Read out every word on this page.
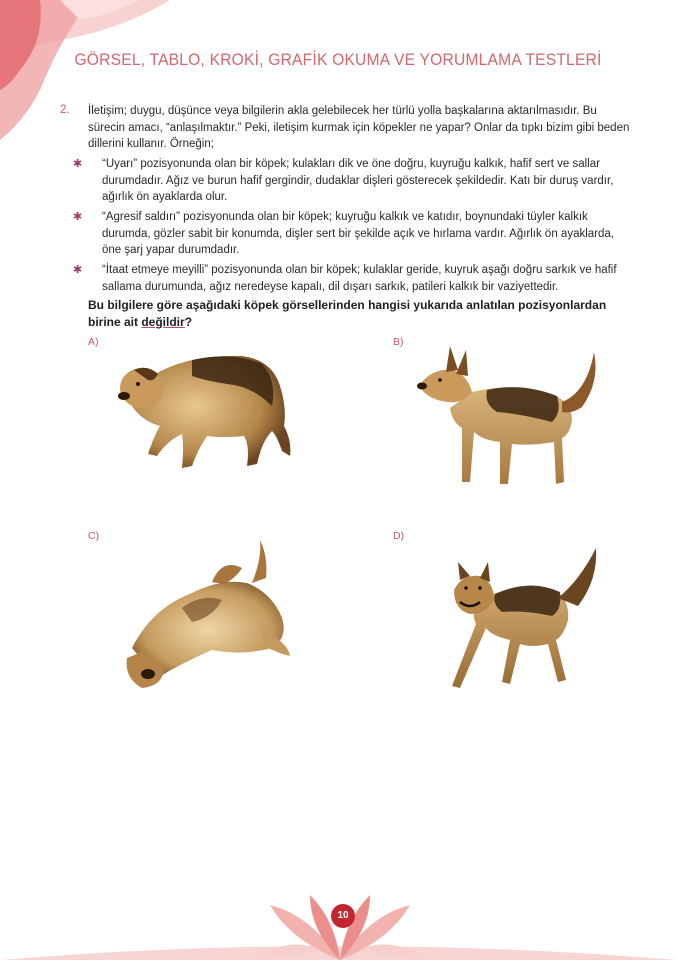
GÖRSEL, TABLO, KROKİ, GRAFİK OKUMA VE YORUMLAMA TESTLERİ
2. İletişim; duygu, düşünce veya bilgilerin akla gelebilecek her türlü yolla başkalarına aktarılmasıdır. Bu sürecin amacı, “anlaşılmaktır.” Peki, iletişim kurmak için köpekler ne yapar? Onlar da tıpkı bizim gibi beden dillerini kullanır. Örneğin;
✱ “Uyarı” pozisyonunda olan bir köpek; kulakları dik ve öne doğru, kuyruğu kalkık, hafif sert ve sallar durumdadır. Ağız ve burun hafif gergindir, dudaklar dişleri gösterecek şekildedir. Katı bir duruş vardır, ağırlık ön ayaklarda olur.
✱ “Agresif saldırı” pozisyonunda olan bir köpek; kuyruğu kalkık ve katıdır, boynundaki tüyler kalkık durumda, gözler sabit bir konumda, dişler sert bir şekilde açık ve hırlama vardır. Ağırlık ön ayaklarda, öne şarj yapar durumdadır.
✱ “İtaat etmeye meyilli” pozisyonunda olan bir köpek; kulaklar geride, kuyruk aşağı doğru sarkık ve hafif sallama durumunda, ağız neredeyse kapalı, dil dışarı sarkık, patileri kalkık bir vaziyettedir.
Bu bilgilere göre aşağıdaki köpek görsellerinden hangisi yukarıda anlatılan pozisyonlardan birine ait değildir?
A)	B)
C)	D)
10
